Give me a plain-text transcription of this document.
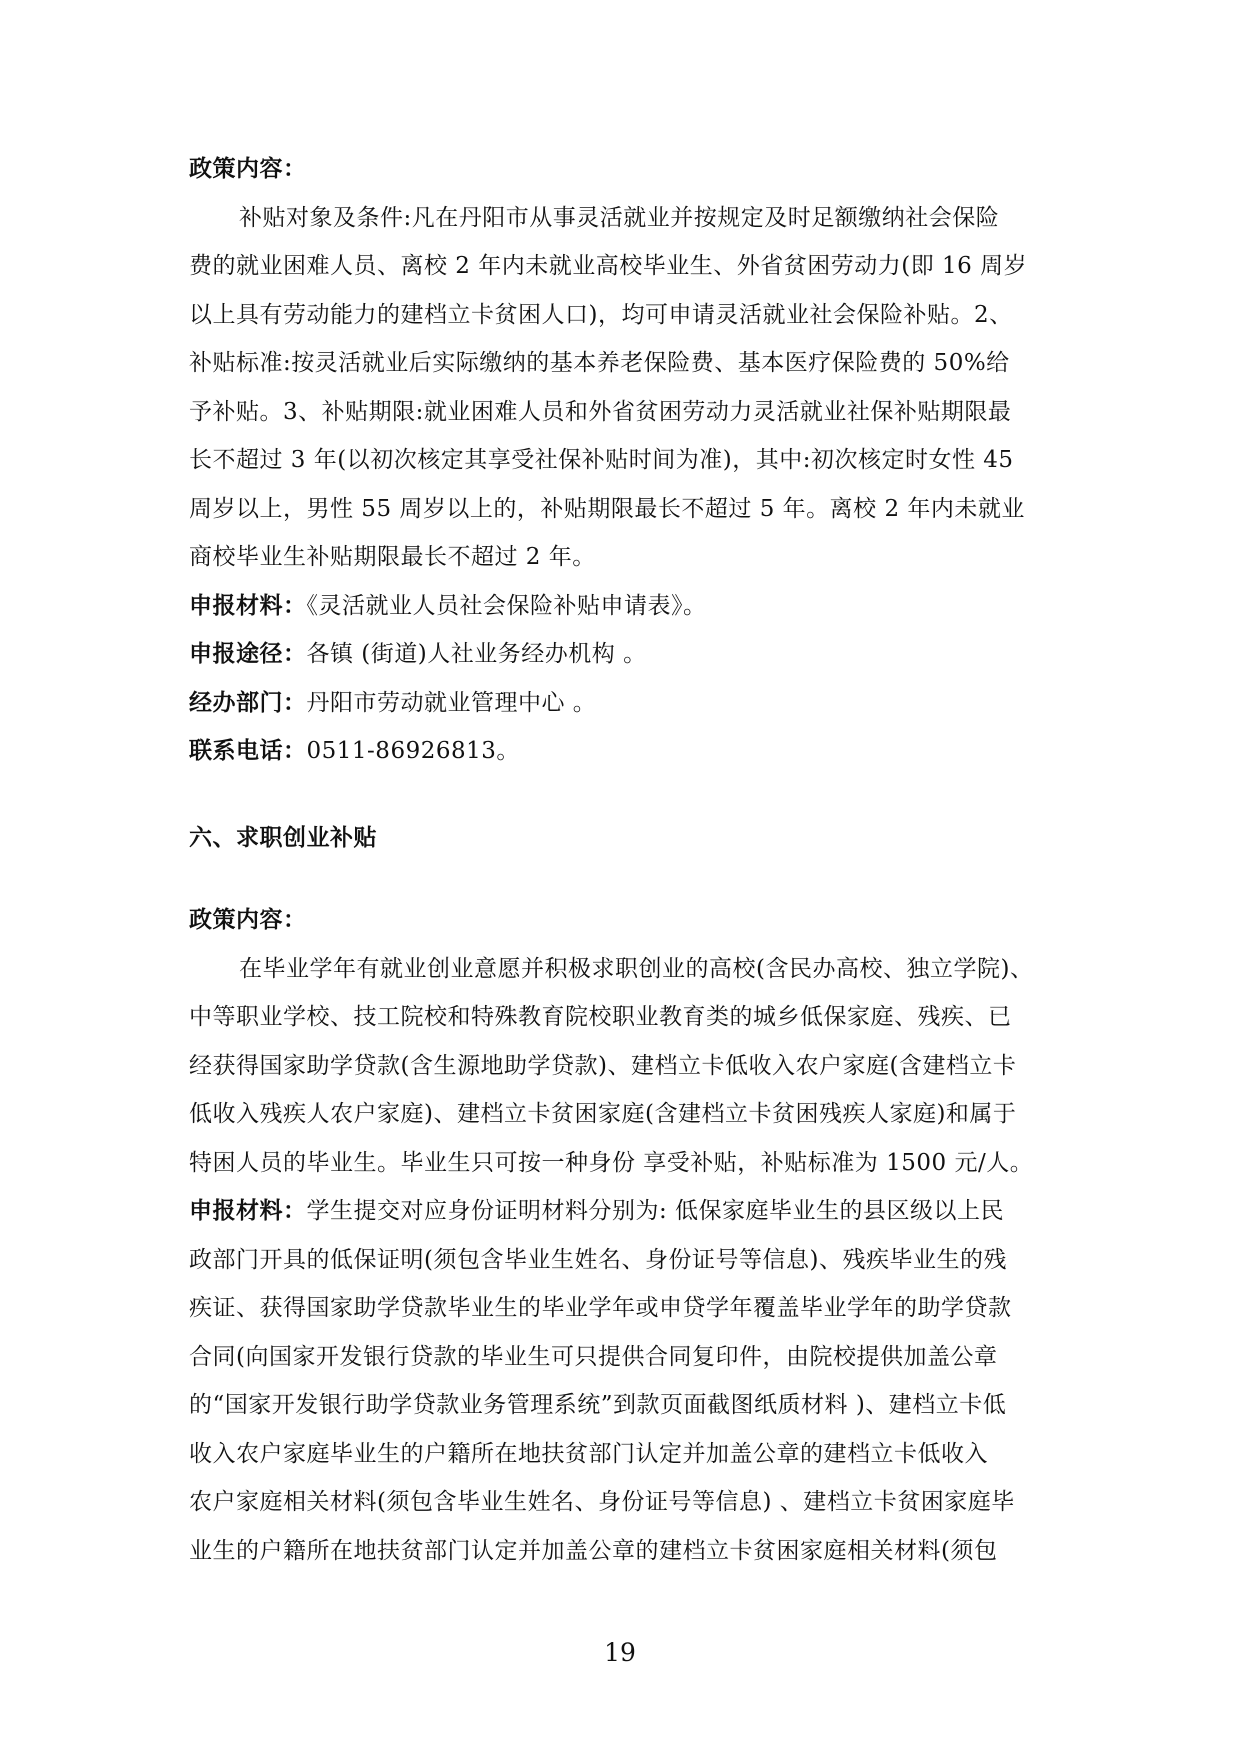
政策内容：
补贴对象及条件:凡在丹阳市从事灵活就业并按规定及时足额缴纳社会保险
费的就业困难人员、离校 2 年内未就业高校毕业生、外省贫困劳动力(即 16 周岁
以上具有劳动能力的建档立卡贫困人口)，均可申请灵活就业社会保险补贴。2、
补贴标准:按灵活就业后实际缴纳的基本养老保险费、基本医疗保险费的 50%给
予补贴。3、补贴期限:就业困难人员和外省贫困劳动力灵活就业社保补贴期限最
长不超过 3 年(以初次核定其享受社保补贴时间为准)，其中:初次核定时女性 45
周岁以上，男性 55 周岁以上的，补贴期限最长不超过 5 年。离校 2 年内未就业
商校毕业生补贴期限最长不超过 2 年。
申报材料：《灵活就业人员社会保险补贴申请表》。
申报途径：各镇 (街道)人社业务经办机构 。
经办部门：丹阳市劳动就业管理中心 。
联系电话：0511-86926813。
六、求职创业补贴
政策内容：
在毕业学年有就业创业意愿并积极求职创业的高校(含民办高校、独立学院)、
中等职业学校、技工院校和特殊教育院校职业教育类的城乡低保家庭、残疾、已
经获得国家助学贷款(含生源地助学贷款)、建档立卡低收入农户家庭(含建档立卡
低收入残疾人农户家庭)、建档立卡贫困家庭(含建档立卡贫困残疾人家庭)和属于
特困人员的毕业生。毕业生只可按一种身份 享受补贴，补贴标准为 1500 元/人。
申报材料：学生提交对应身份证明材料分别为: 低保家庭毕业生的县区级以上民
政部门开具的低保证明(须包含毕业生姓名、身份证号等信息)、残疾毕业生的残
疾证、获得国家助学贷款毕业生的毕业学年或申贷学年覆盖毕业学年的助学贷款
合同(向国家开发银行贷款的毕业生可只提供合同复印件，由院校提供加盖公章
的“国家开发银行助学贷款业务管理系统”到款页面截图纸质材料 )、建档立卡低
收入农户家庭毕业生的户籍所在地扶贫部门认定并加盖公章的建档立卡低收入
农户家庭相关材料(须包含毕业生姓名、身份证号等信息) 、建档立卡贫困家庭毕
业生的户籍所在地扶贫部门认定并加盖公章的建档立卡贫困家庭相关材料(须包
19
